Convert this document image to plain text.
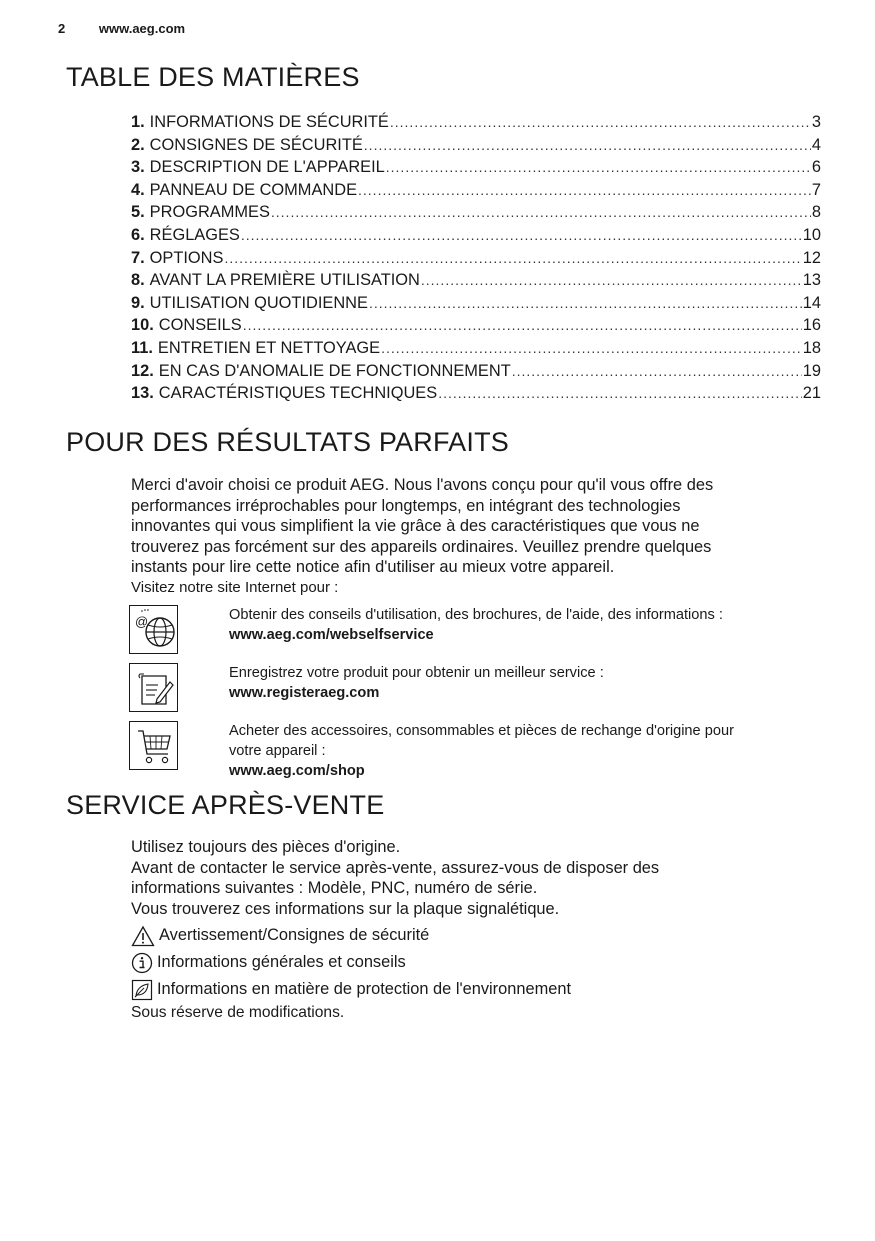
2	www.aeg.com
TABLE DES MATIÈRES
1. INFORMATIONS DE SÉCURITÉ .....	3
2. CONSIGNES DE SÉCURITÉ .....	4
3. DESCRIPTION DE L'APPAREIL .....	6
4. PANNEAU DE COMMANDE .....	7
5. PROGRAMMES .....	8
6. RÉGLAGES .....	10
7. OPTIONS .....	12
8. AVANT LA PREMIÈRE UTILISATION .....	13
9. UTILISATION QUOTIDIENNE .....	14
10. CONSEILS .....	16
11. ENTRETIEN ET NETTOYAGE .....	18
12. EN CAS D'ANOMALIE DE FONCTIONNEMENT .....	19
13. CARACTÉRISTIQUES TECHNIQUES .....	21
POUR DES RÉSULTATS PARFAITS

Merci d'avoir choisi ce produit AEG. Nous l'avons conçu pour qu'il vous offre des

performances irréprochables pour longtemps, en intégrant des technologies

innovantes qui vous simplifient la vie grâce à des caractéristiques que vous ne

trouverez pas forcément sur des appareils ordinaires. Veuillez prendre quelques

instants pour lire cette notice afin d'utiliser au mieux votre appareil.

Visitez notre site Internet pour :

@	Obtenir des conseils d'utilisation, des brochures, de l'aide, des informations :
www.aeg.com/webselfservice
Enregistrez votre produit pour obtenir un meilleur service :
www.registeraeg.com
Acheter des accessoires, consommables et pièces de rechange d'origine pour
votre appareil :
www.aeg.com/shop
SERVICE APRÈS-VENTE

Utilisez toujours des pièces d'origine.

Avant de contacter le service après-vente, assurez-vous de disposer des

informations suivantes : Modèle, PNC, numéro de série.

Vous trouverez ces informations sur la plaque signalétique.

Avertissement/Consignes de sécurité
Informations générales et conseils
Informations en matière de protection de l'environnement

Sous réserve de modifications.
